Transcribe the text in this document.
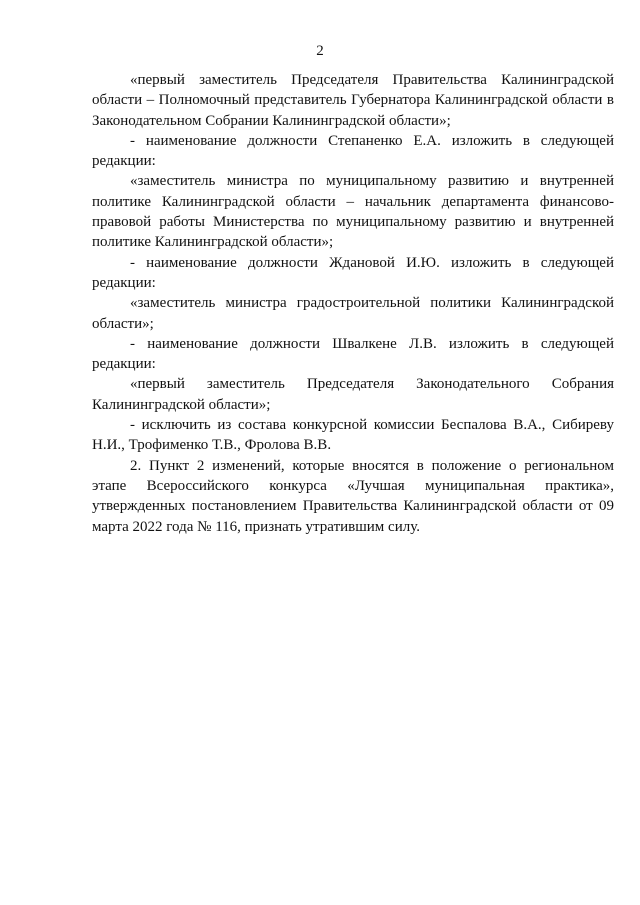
2

«первый заместитель Председателя Правительства Калининградской области – Полномочный представитель Губернатора Калининградской области в Законодательном Собрании Калининградской области»;

- наименование должности Степаненко Е.А. изложить в следующей редакции:

«заместитель министра по муниципальному развитию и внутренней политике Калининградской области – начальник департамента финансово-правовой работы Министерства по муниципальному развитию и внутренней политике Калининградской области»;

- наименование должности Ждановой И.Ю. изложить в следующей редакции:

«заместитель министра градостроительной политики Калининградской области»;

- наименование должности Швалкене Л.В. изложить в следующей редакции:

«первый заместитель Председателя Законодательного Собрания Калининградской области»;

- исключить из состава конкурсной комиссии Беспалова В.А., Сибиреву Н.И., Трофименко Т.В., Фролова В.В.

2. Пункт 2 изменений, которые вносятся в положение о региональном этапе Всероссийского конкурса «Лучшая муниципальная практика», утвержденных постановлением Правительства Калининградской области от 09 марта 2022 года № 116, признать утратившим силу.
